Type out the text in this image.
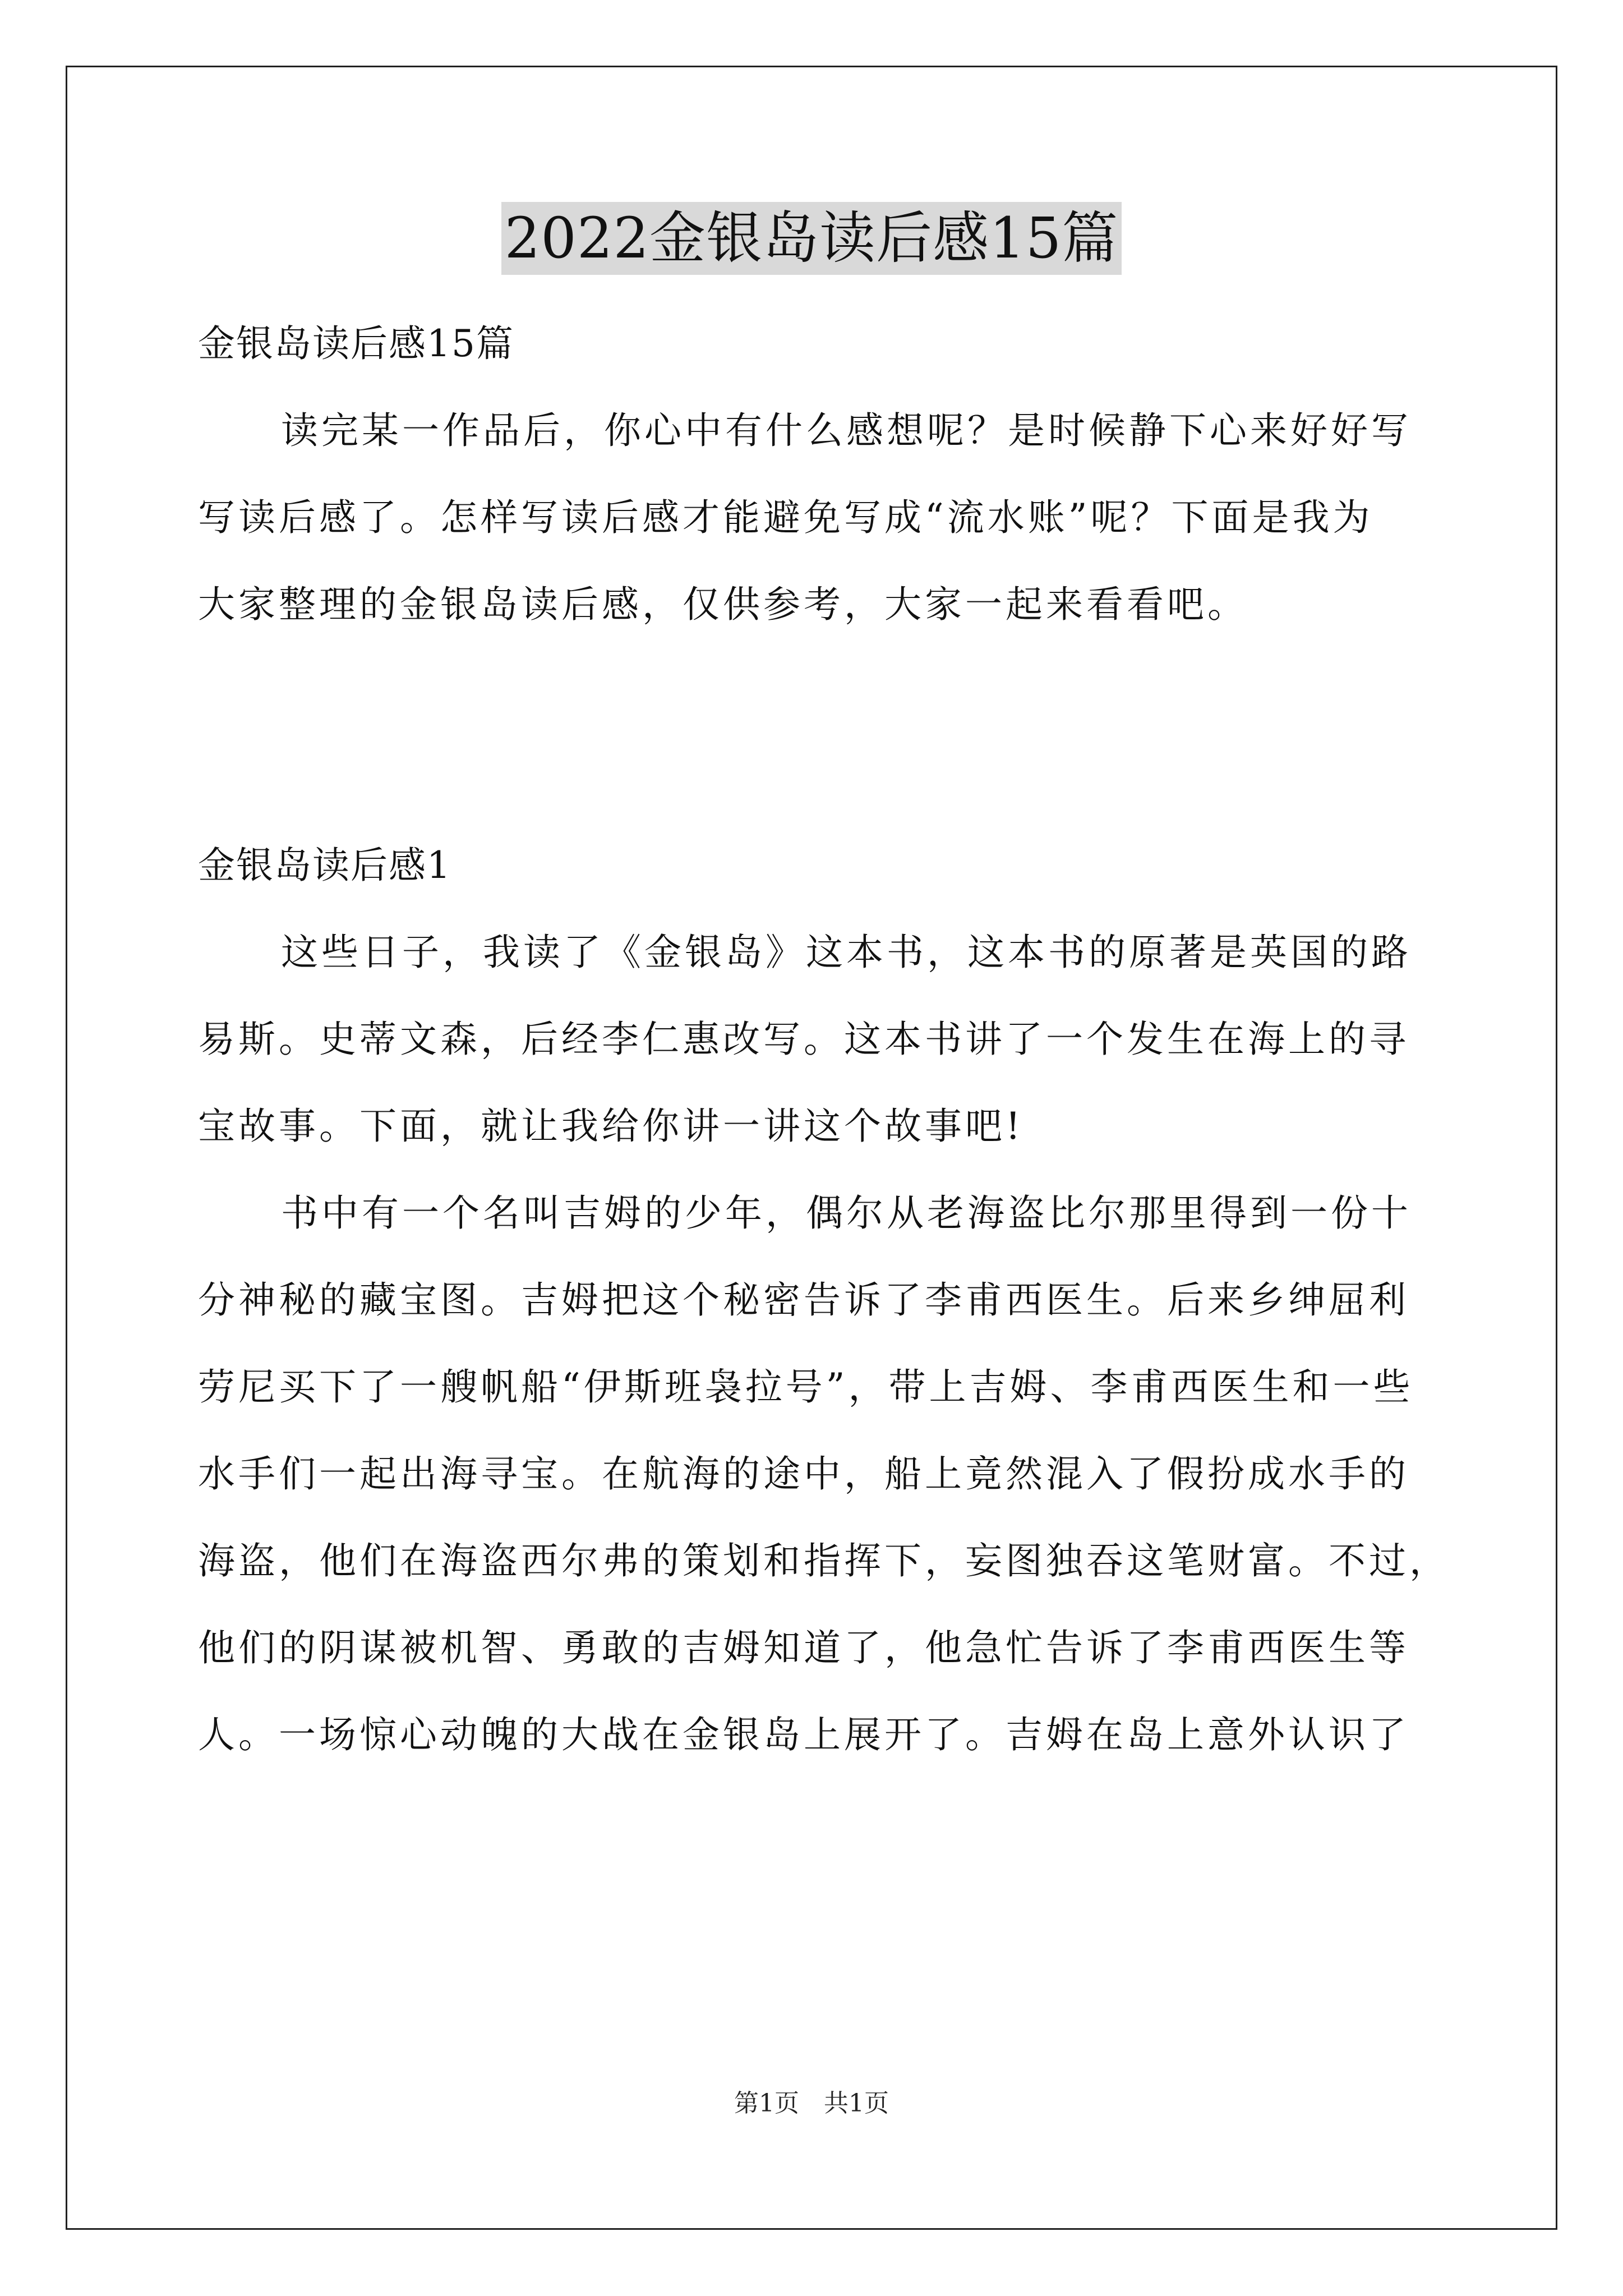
2022金银岛读后感15篇
金银岛读后感15篇
读完某一作品后，你心中有什么感想呢？是时候静下心来好好写
写读后感了。怎样写读后感才能避免写成“流水账”呢？下面是我为
大家整理的金银岛读后感，仅供参考，大家一起来看看吧。
金银岛读后感1
这些日子，我读了《金银岛》这本书，这本书的原著是英国的路
易斯。史蒂文森，后经李仁惠改写。这本书讲了一个发生在海上的寻
宝故事。下面，就让我给你讲一讲这个故事吧!
书中有一个名叫吉姆的少年，偶尔从老海盗比尔那里得到一份十
分神秘的藏宝图。吉姆把这个秘密告诉了李甫西医生。后来乡绅屈利
劳尼买下了一艘帆船“伊斯班袅拉号”，带上吉姆、李甫西医生和一些
水手们一起出海寻宝。在航海的途中，船上竟然混入了假扮成水手的
海盗，他们在海盗西尔弗的策划和指挥下，妄图独吞这笔财富。不过，
他们的阴谋被机智、勇敢的吉姆知道了，他急忙告诉了李甫西医生等
人。一场惊心动魄的大战在金银岛上展开了。吉姆在岛上意外认识了
第1页　共1页
